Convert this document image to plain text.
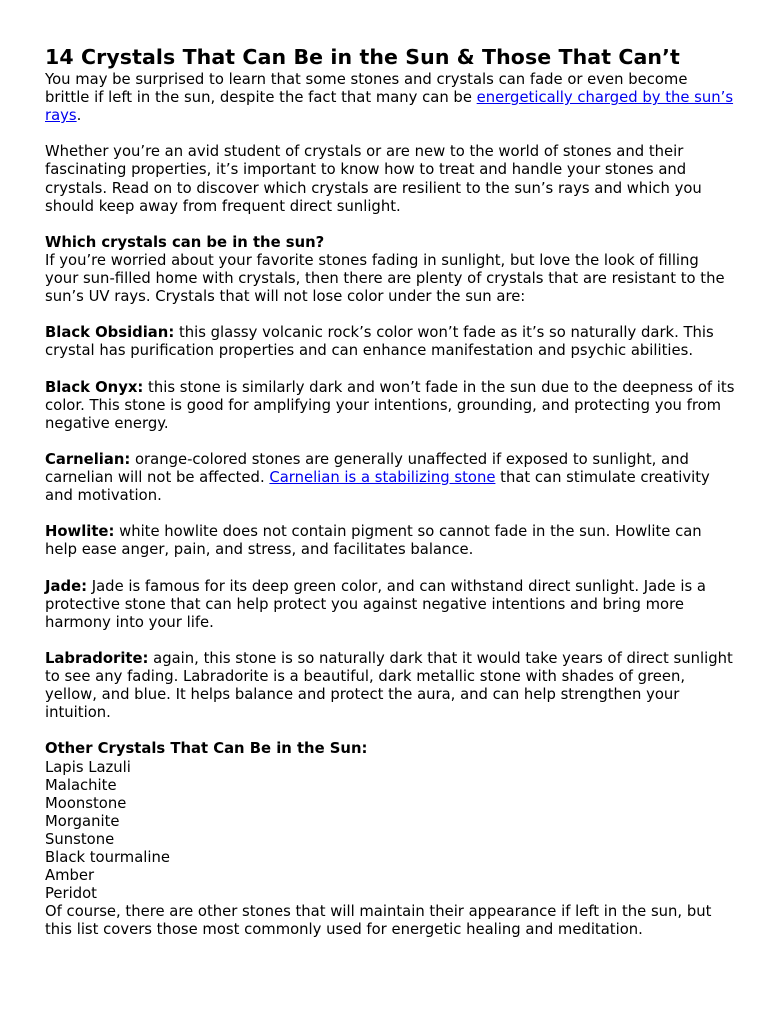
14 Crystals That Can Be in the Sun & Those That Can’t

You may be surprised to learn that some stones and crystals can fade or even become brittle if left in the sun, despite the fact that many can be energetically charged by the sun’s rays.

Whether you’re an avid student of crystals or are new to the world of stones and their fascinating properties, it’s important to know how to treat and handle your stones and crystals. Read on to discover which crystals are resilient to the sun’s rays and which you should keep away from frequent direct sunlight.

Which crystals can be in the sun?

If you’re worried about your favorite stones fading in sunlight, but love the look of filling your sun-filled home with crystals, then there are plenty of crystals that are resistant to the sun’s UV rays. Crystals that will not lose color under the sun are:

Black Obsidian: this glassy volcanic rock’s color won’t fade as it’s so naturally dark. This crystal has purification properties and can enhance manifestation and psychic abilities.

Black Onyx: this stone is similarly dark and won’t fade in the sun due to the deepness of its color. This stone is good for amplifying your intentions, grounding, and protecting you from negative energy.

Carnelian: orange-colored stones are generally unaffected if exposed to sunlight, and carnelian will not be affected. Carnelian is a stabilizing stone that can stimulate creativity and motivation.

Howlite: white howlite does not contain pigment so cannot fade in the sun. Howlite can help ease anger, pain, and stress, and facilitates balance.

Jade: Jade is famous for its deep green color, and can withstand direct sunlight. Jade is a protective stone that can help protect you against negative intentions and bring more harmony into your life.

Labradorite: again, this stone is so naturally dark that it would take years of direct sunlight to see any fading. Labradorite is a beautiful, dark metallic stone with shades of green, yellow, and blue. It helps balance and protect the aura, and can help strengthen your intuition.

Other Crystals That Can Be in the Sun:

Lapis Lazuli

Malachite

Moonstone

Morganite

Sunstone

Black tourmaline

Amber

Peridot

Of course, there are other stones that will maintain their appearance if left in the sun, but this list covers those most commonly used for energetic healing and meditation.
